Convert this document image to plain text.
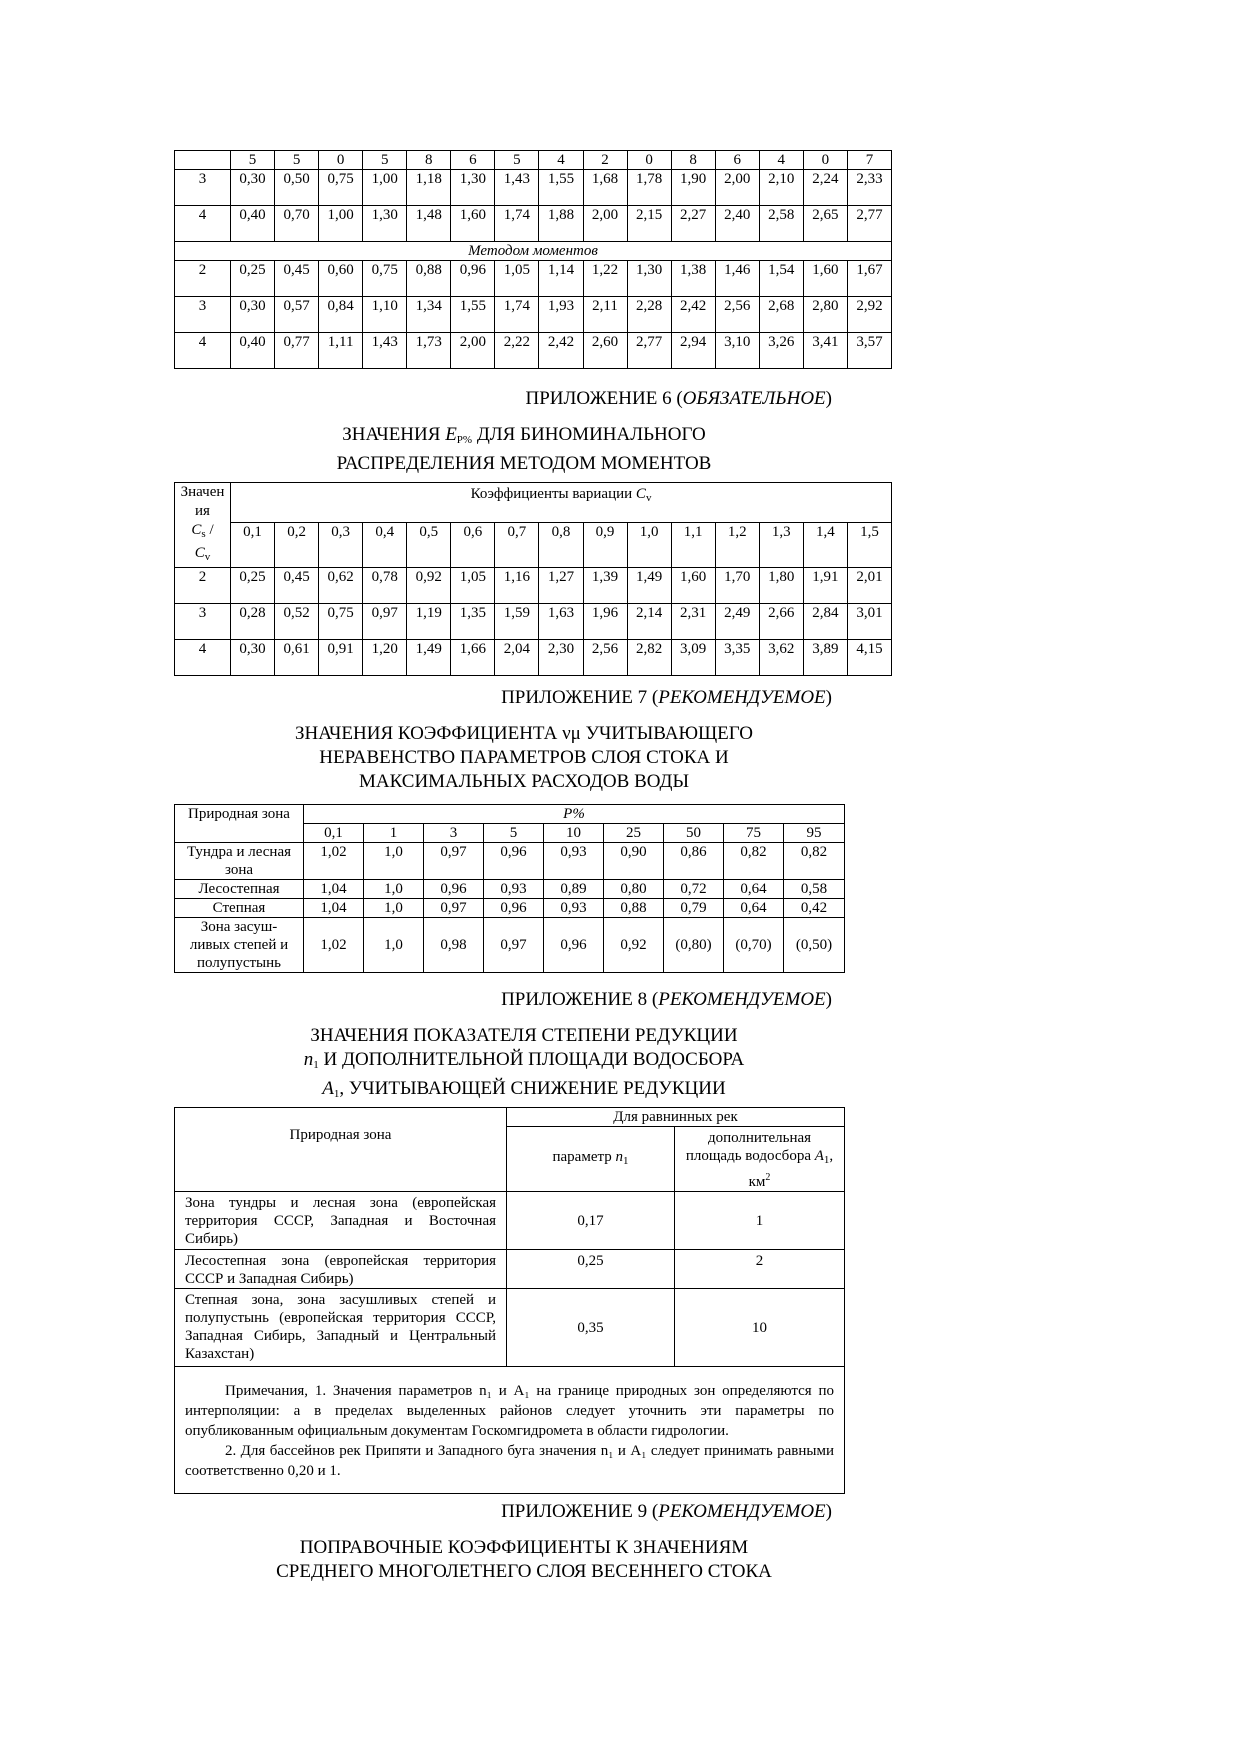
	5	5	0	5	8	6	5	4	2	0	8	6	4	0	7
3	0,30	0,50	0,75	1,00	1,18	1,30	1,43	1,55	1,68	1,78	1,90	2,00	2,10	2,24	2,33
4	0,40	0,70	1,00	1,30	1,48	1,60	1,74	1,88	2,00	2,15	2,27	2,40	2,58	2,65	2,77
Методом моментов															
2	0,25	0,45	0,60	0,75	0,88	0,96	1,05	1,14	1,22	1,30	1,38	1,46	1,54	1,60	1,67
3	0,30	0,57	0,84	1,10	1,34	1,55	1,74	1,93	2,11	2,28	2,42	2,56	2,68	2,80	2,92
4	0,40	0,77	1,11	1,43	1,73	2,00	2,22	2,42	2,60	2,77	2,94	3,10	3,26	3,41	3,57
ПРИЛОЖЕНИЕ 6 (ОБЯЗАТЕЛЬНОЕ)
ЗНАЧЕНИЯ $E_{P\%}$ ДЛЯ БИНОМИНАЛЬНОГО
РАСПРЕДЕЛЕНИЯ МЕТОДОМ МОМЕНТОВ
Значения
$C_s$ /
$C_v$	Коэффициенты вариации $C_v$
	0,1	0,2	0,3	0,4	0,5	0,6	0,7	0,8	0,9	1,0	1,1	1,2	1,3	1,4	1,5
2	0,25	0,45	0,62	0,78	0,92	1,05	1,16	1,27	1,39	1,49	1,60	1,70	1,80	1,91	2,01
3	0,28	0,52	0,75	0,97	1,19	1,35	1,59	1,63	1,96	2,14	2,31	2,49	2,66	2,84	3,01
4	0,30	0,61	0,91	1,20	1,49	1,66	2,04	2,30	2,56	2,82	3,09	3,35	3,62	3,89	4,15
ПРИЛОЖЕНИЕ 7 (РЕКОМЕНДУЕМОЕ)
ЗНАЧЕНИЯ КОЭФФИЦИЕНТА νμ УЧИТЫВАЮЩЕГО
НЕРАВЕНСТВО ПАРАМЕТРОВ СЛОЯ СТОКА И
МАКСИМАЛЬНЫХ РАСХОДОВ ВОДЫ
Природная зона	P%								
	0,1	1	3	5	10	25	50	75	95
Тундра и лесная зона	1,02	1,0	0,97	0,96	0,93	0,90	0,86	0,82	0,82
Лесостепная	1,04	1,0	0,96	0,93	0,89	0,80	0,72	0,64	0,58
Степная	1,04	1,0	0,97	0,96	0,93	0,88	0,79	0,64	0,42
Зона засуш-ливых степей и полупустынь	1,02	1,0	0,98	0,97	0,96	0,92	(0,80)	(0,70)	(0,50)
ПРИЛОЖЕНИЕ 8 (РЕКОМЕНДУЕМОЕ)
ЗНАЧЕНИЯ ПОКАЗАТЕЛЯ СТЕПЕНИ РЕДУКЦИИ
$n_1$ И ДОПОЛНИТЕЛЬНОЙ ПЛОЩАДИ ВОДОСБОРА
$A_1$, УЧИТЫВАЮЩЕЙ СНИЖЕНИЕ РЕДУКЦИИ
Природная зона	Для равнинных рек	
	параметр $n_1$	дополнительная площадь водосбора $A_1$, $км^2$
Зона тундры и лесная зона (европейская территория СССР, Западная и Восточная Сибирь)	0,17	1
Лесостепная зона (европейская территория СССР и Западная Сибирь)	0,25	2
Степная зона, зона засушливых степей и полупустынь (европейская территория СССР, Западная Сибирь, Западный и Центральный Казахстан)	0,35	10

Примечания, 1. Значения параметров n₁ и A₁ на границе природных зон определяются по интерполяции: а в пределах выделенных районов следует уточнить эти параметры по опубликованным официальным документам Госкомгидромета в области гидрологии.

2. Для бассейнов рек Припяти и Западного буга значения n₁ и A₁ следует принимать равными соответственно 0,20 и 1.		

ПРИЛОЖЕНИЕ 9 (РЕКОМЕНДУЕМОЕ)
ПОПРАВОЧНЫЕ КОЭФФИЦИЕНТЫ К ЗНАЧЕНИЯМ
СРЕДНЕГО МНОГОЛЕТНЕГО СЛОЯ ВЕСЕННЕГО СТОКА
